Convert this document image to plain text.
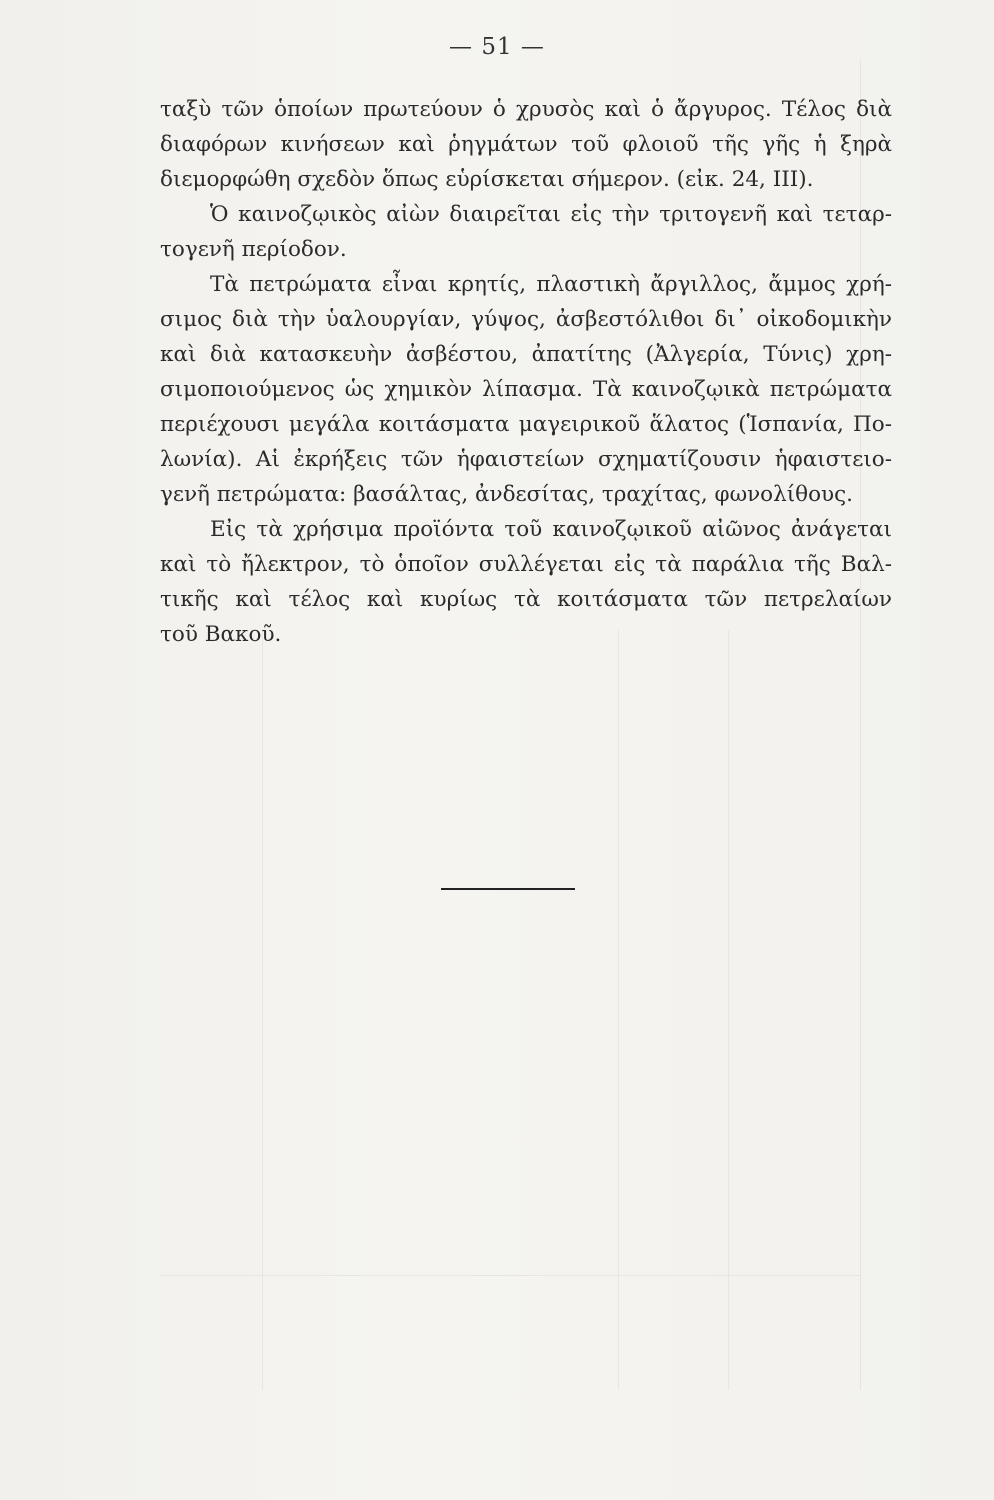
— 51 —
ταξὺ τῶν ὁποίων πρωτεύουν ὁ χρυσὸς καὶ ὁ ἄργυρος. Τέλος διὰ
διαφόρων κινήσεων καὶ ῥηγμάτων τοῦ φλοιοῦ τῆς γῆς ἡ ξηρὰ
διεμορφώθη σχεδὸν ὅπως εὑρίσκεται σήμερον. (εἰκ. 24, ΙΙΙ).
Ὁ καινοζῳικὸς αἰὼν διαιρεῖται εἰς τὴν τριτογενῆ καὶ τεταρ-
τογενῆ περίοδον.
Τὰ πετρώματα εἶναι κρητίς, πλαστικὴ ἄργιλλος, ἄμμος χρή-
σιμος διὰ τὴν ὑαλουργίαν, γύψος, ἀσβεστόλιθοι δι᾿ οἰκοδομικὴν
καὶ διὰ κατασκευὴν ἀσβέστου, ἀπατίτης (Ἀλγερία, Τύνις) χρη-
σιμοποιούμενος ὡς χημικὸν λίπασμα. Τὰ καινοζῳικὰ πετρώματα
περιέχουσι μεγάλα κοιτάσματα μαγειρικοῦ ἅλατος (Ἱσπανία, Πο-
λωνία). Αἱ ἐκρήξεις τῶν ἡφαιστείων σχηματίζουσιν ἡφαιστειο-
γενῆ πετρώματα: βασάλτας, ἀνδεσίτας, τραχίτας, φωνολίθους.
Εἰς τὰ χρήσιμα προϊόντα τοῦ καινοζῳικοῦ αἰῶνος ἀνάγεται
καὶ τὸ ἤλεκτρον, τὸ ὁποῖον συλλέγεται εἰς τὰ παράλια τῆς Βαλ-
τικῆς καὶ τέλος καὶ κυρίως τὰ κοιτάσματα τῶν πετρελαίων
τοῦ Βακοῦ.
